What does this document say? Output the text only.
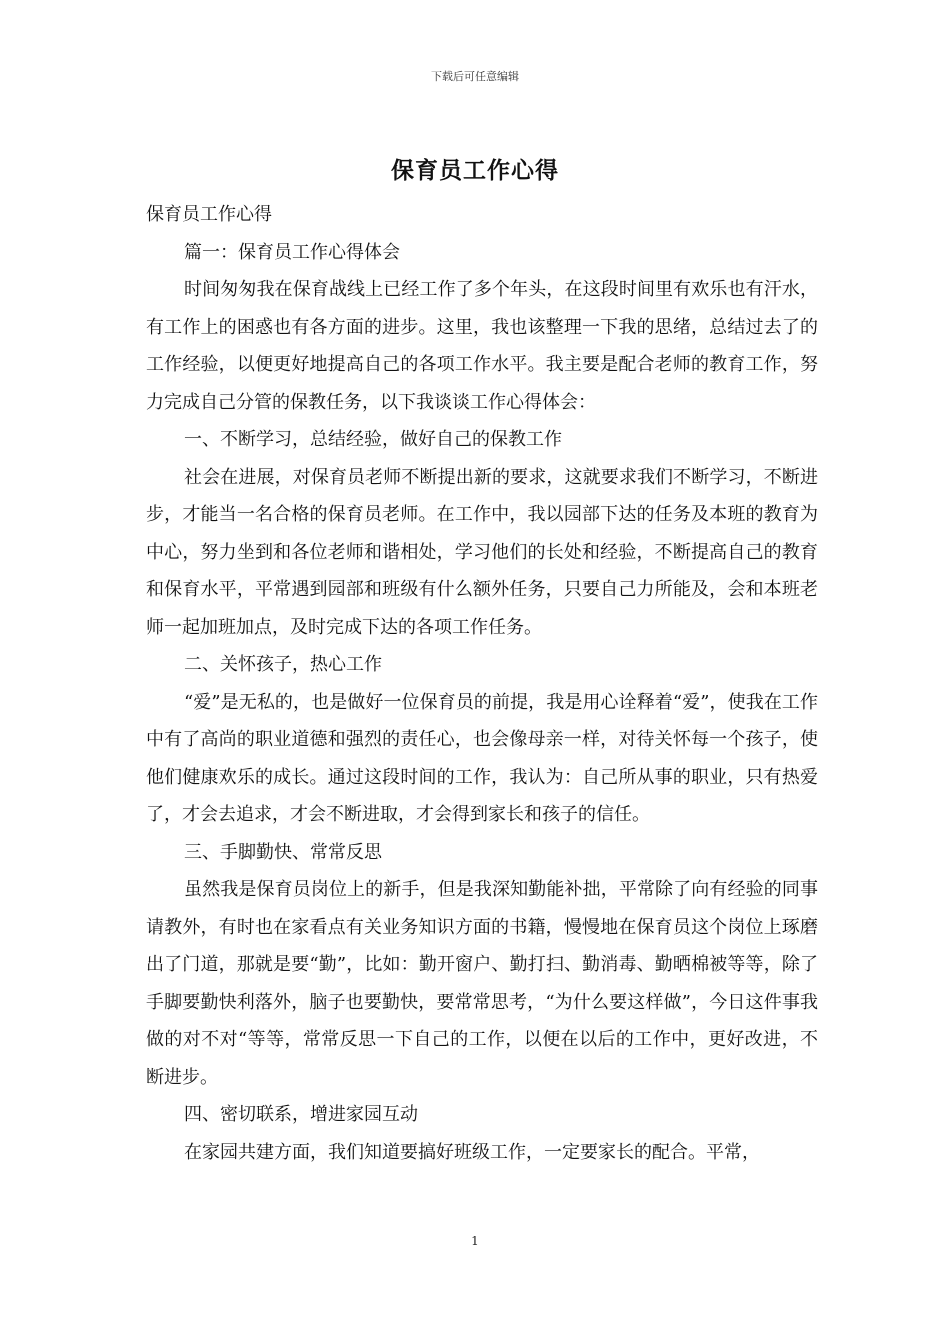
下载后可任意编辑
保育员工作心得

保育员工作心得

篇一：保育员工作心得体会

时间匆匆我在保育战线上已经工作了多个年头，在这段时间里有欢乐也有汗水，有工作上的困惑也有各方面的进步。这里，我也该整理一下我的思绪，总结过去了的工作经验，以便更好地提高自己的各项工作水平。我主要是配合老师的教育工作，努力完成自己分管的保教任务，以下我谈谈工作心得体会：

一、不断学习，总结经验，做好自己的保教工作

社会在进展，对保育员老师不断提出新的要求，这就要求我们不断学习，不断进步，才能当一名合格的保育员老师。在工作中，我以园部下达的任务及本班的教育为中心，努力坐到和各位老师和谐相处，学习他们的长处和经验，不断提高自己的教育和保育水平，平常遇到园部和班级有什么额外任务，只要自己力所能及，会和本班老师一起加班加点，及时完成下达的各项工作任务。

二、关怀孩子，热心工作

“爱”是无私的，也是做好一位保育员的前提，我是用心诠释着“爱”，使我在工作中有了高尚的职业道德和强烈的责任心，也会像母亲一样，对待关怀每一个孩子，使他们健康欢乐的成长。通过这段时间的工作，我认为：自己所从事的职业，只有热爱了，才会去追求，才会不断进取，才会得到家长和孩子的信任。

三、手脚勤快、常常反思

虽然我是保育员岗位上的新手，但是我深知勤能补拙，平常除了向有经验的同事请教外，有时也在家看点有关业务知识方面的书籍，慢慢地在保育员这个岗位上琢磨出了门道，那就是要“勤”，比如：勤开窗户、勤打扫、勤消毒、勤晒棉被等等，除了手脚要勤快利落外，脑子也要勤快，要常常思考，“为什么要这样做”，今日这件事我做的对不对“等等，常常反思一下自己的工作，以便在以后的工作中，更好改进，不断进步。

四、密切联系，增进家园互动

在家园共建方面，我们知道要搞好班级工作，一定要家长的配合。平常，

1
